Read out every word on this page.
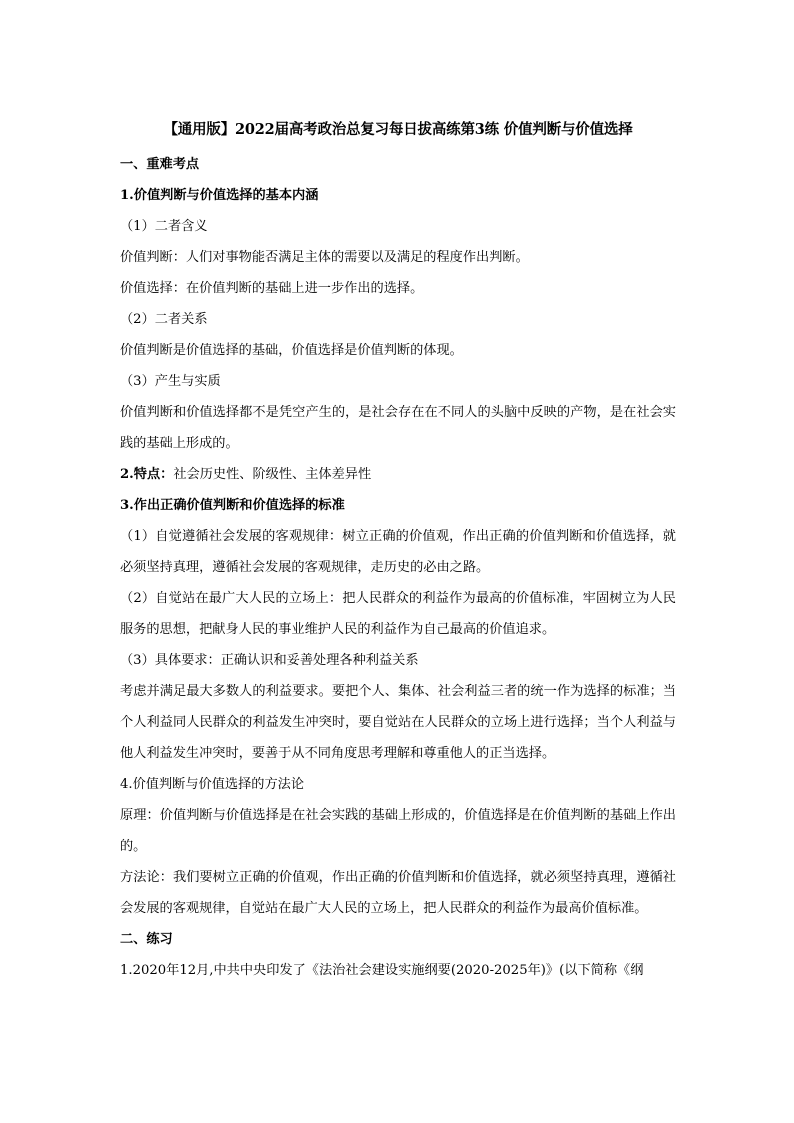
【通用版】2022届高考政治总复习每日拔高练第3练 价值判断与价值选择

一、重难考点

1.价值判断与价值选择的基本内涵

（1）二者含义

价值判断：人们对事物能否满足主体的需要以及满足的程度作出判断。

价值选择：在价值判断的基础上进一步作出的选择。

（2）二者关系

价值判断是价值选择的基础，价值选择是价值判断的体现。

（3）产生与实质

价值判断和价值选择都不是凭空产生的，是社会存在在不同人的头脑中反映的产物，是在社会实践的基础上形成的。

2.特点：社会历史性、阶级性、主体差异性

3.作出正确价值判断和价值选择的标准

（1）自觉遵循社会发展的客观规律：树立正确的价值观，作出正确的价值判断和价值选择，就必须坚持真理，遵循社会发展的客观规律，走历史的必由之路。

（2）自觉站在最广大人民的立场上：把人民群众的利益作为最高的价值标准，牢固树立为人民服务的思想，把献身人民的事业维护人民的利益作为自己最高的价值追求。

（3）具体要求：正确认识和妥善处理各种利益关系

考虑并满足最大多数人的利益要求。要把个人、集体、社会利益三者的统一作为选择的标准；当个人利益同人民群众的利益发生冲突时，要自觉站在人民群众的立场上进行选择；当个人利益与他人利益发生冲突时，要善于从不同角度思考理解和尊重他人的正当选择。

4.价值判断与价值选择的方法论

原理：价值判断与价值选择是在社会实践的基础上形成的，价值选择是在价值判断的基础上作出的。

方法论：我们要树立正确的价值观，作出正确的价值判断和价值选择，就必须坚持真理，遵循社会发展的客观规律，自觉站在最广大人民的立场上，把人民群众的利益作为最高价值标准。

二、练习

1.2020年12月,中共中央印发了《法治社会建设实施纲要(2020-2025年)》(以下简称《纲
